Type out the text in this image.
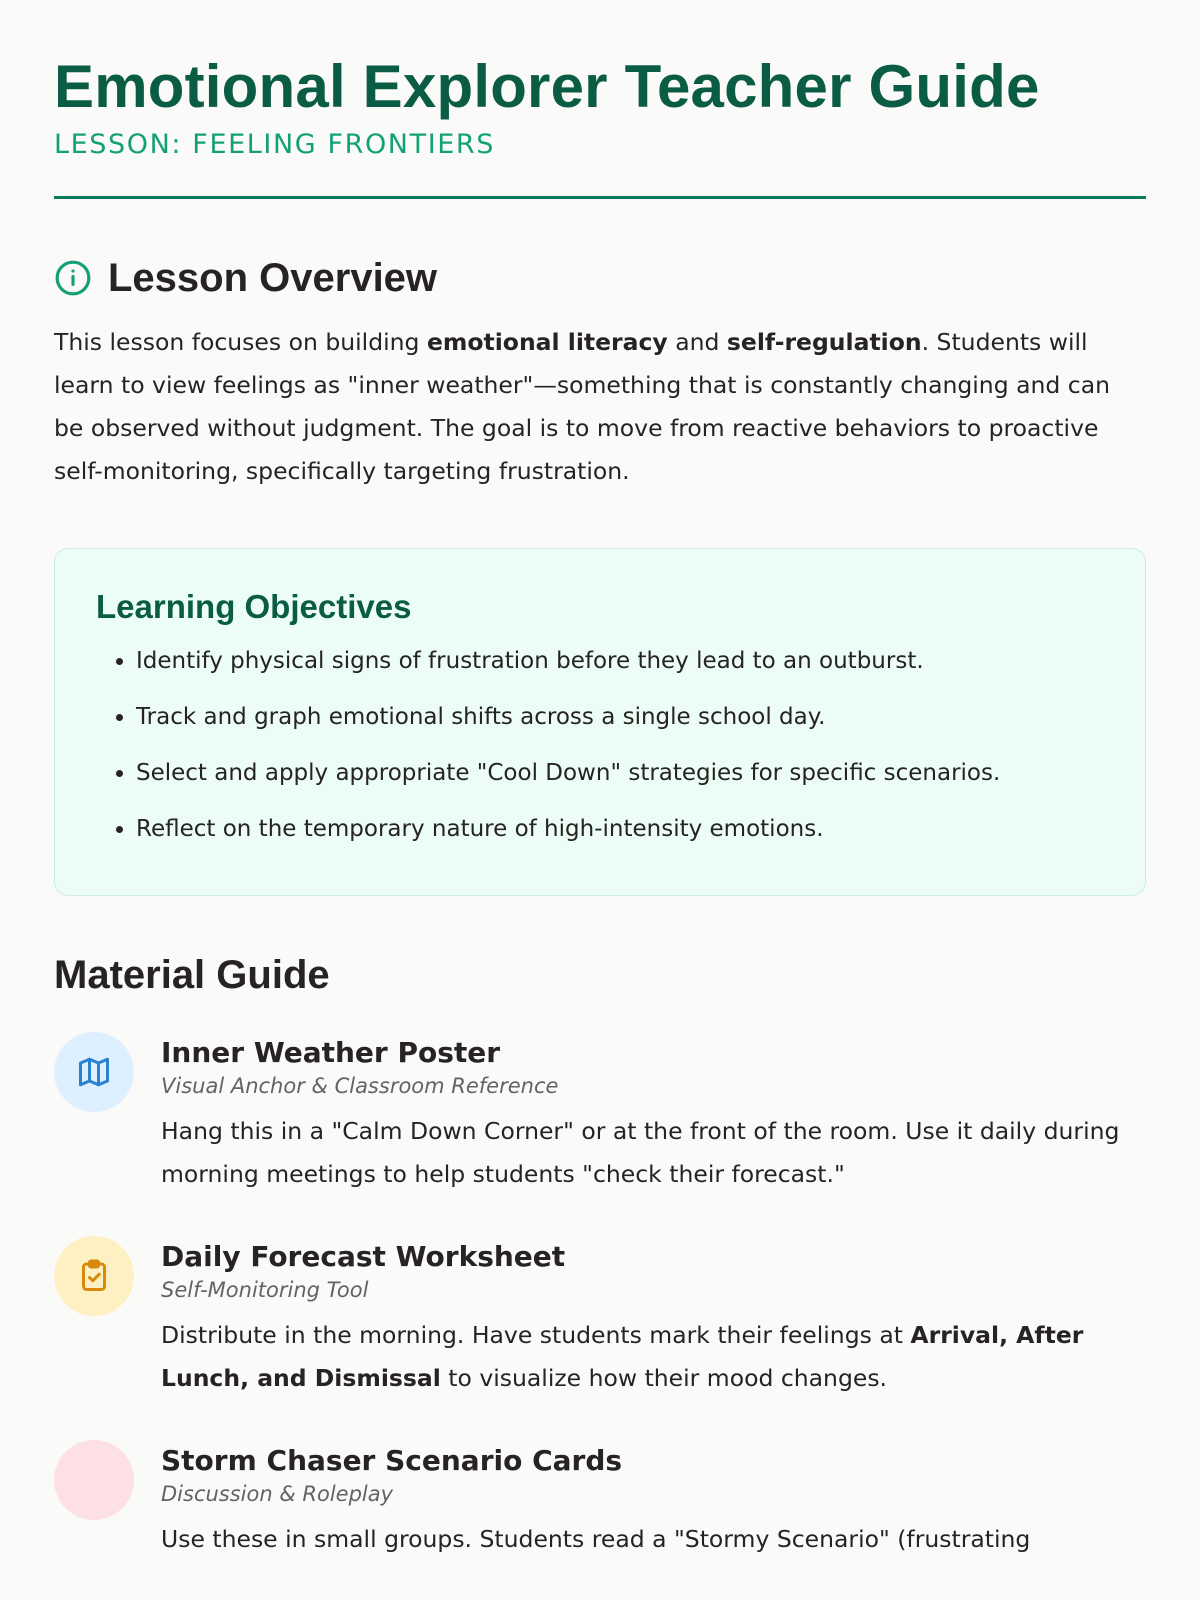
Emotional Explorer Teacher Guide
LESSON: FEELING FRONTIERS
Lesson Overview

This lesson focuses on building emotional literacy and self-regulation. Students will learn to view feelings as "inner weather"—something that is constantly changing and can be observed without judgment. The goal is to move from reactive behaviors to proactive self-monitoring, specifically targeting frustration.

Learning Objectives
• Identify physical signs of frustration before they lead to an outburst.
• Track and graph emotional shifts across a single school day.
• Select and apply appropriate "Cool Down" strategies for specific scenarios.
• Reflect on the temporary nature of high-intensity emotions.
Material Guide
Inner Weather Poster
Visual Anchor & Classroom Reference
Hang this in a "Calm Down Corner" or at the front of the room. Use it daily during morning meetings to help students "check their forecast."
Daily Forecast Worksheet
Self-Monitoring Tool
Distribute in the morning. Have students mark their feelings at Arrival, After Lunch, and Dismissal to visualize how their mood changes.
Storm Chaser Scenario Cards
Discussion & Roleplay
Use these in small groups. Students read a "Stormy Scenario" (frustrating
